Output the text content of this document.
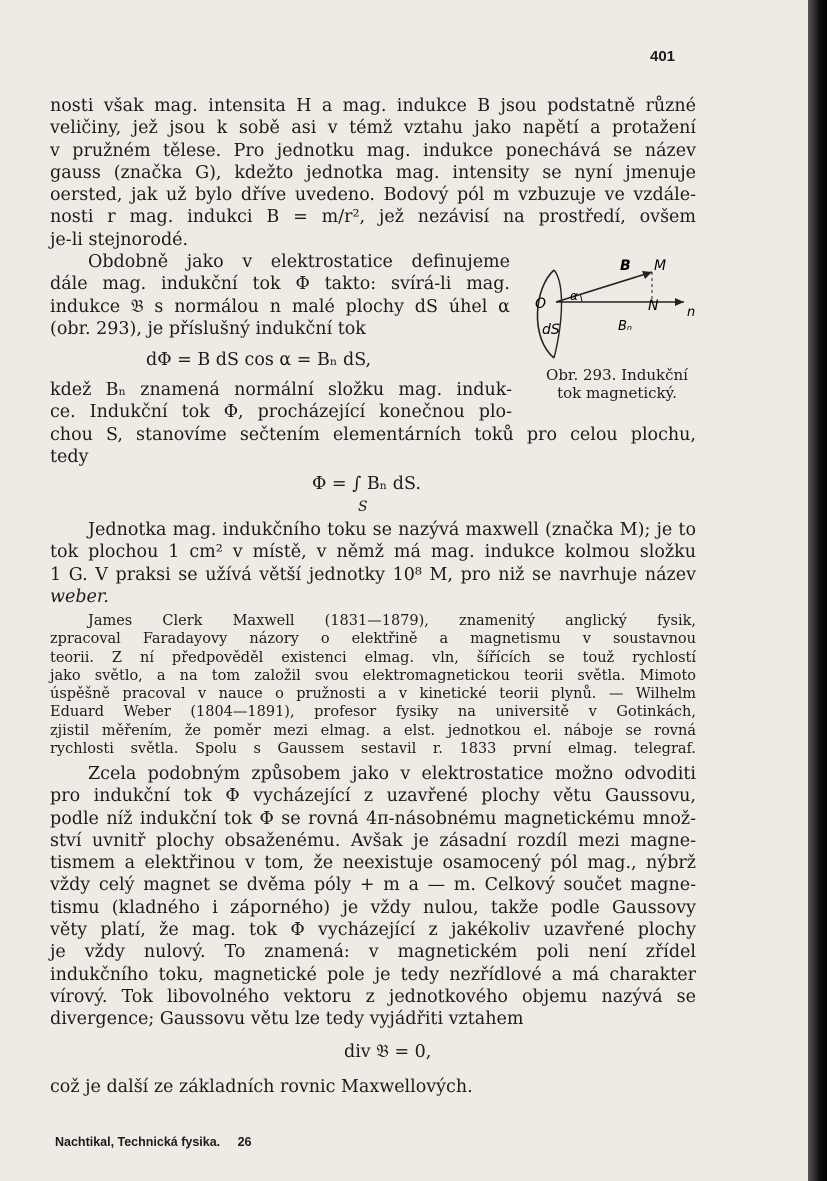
401

nosti však mag. intensita H a mag. indukce B jsou podstatně různé

veličiny, jež jsou k sobě asi v témž vztahu jako napětí a protažení

v pružném tělese. Pro jednotku mag. indukce ponechává se název

gauss (značka G), kdežto jednotka mag. intensity se nyní jmenuje

oersted, jak už bylo dříve uvedeno. Bodový pól m vzbuzuje ve vzdále-

nosti r mag. indukci B = m/r², jež nezávisí na prostředí, ovšem

je-li stejnorodé.

Obdobně jako v elektrostatice definujeme

dále mag. indukční tok Φ takto: svírá-li mag.

indukce 𝔅 s normálou n malé plochy dS úhel α

(obr. 293), je příslušný indukční tok

dΦ = B dS cos α = Bₙ dS,
B M
O α
N n
dS	Bₙ
Obr. 293. Indukční
tok magnetický.

kdež Bₙ znamená normální složku mag. induk-

ce. Indukční tok Φ, procházející konečnou plo-

chou S, stanovíme sečtením elementárních toků pro celou plochu,

tedy

Φ = ∫ Bₙ dS.
S

Jednotka mag. indukčního toku se nazývá maxwell (značka M); je to

tok plochou 1 cm² v místě, v němž má mag. indukce kolmou složku

1 G. V praksi se užívá větší jednotky 10⁸ M, pro niž se navrhuje název

weber.

James Clerk Maxwell (1831—1879), znamenitý anglický fysik,

zpracoval Faradayovy názory o elektřině a magnetismu v soustavnou

teorii. Z ní předpověděl existenci elmag. vln, šířících se touž rychlostí

jako světlo, a na tom založil svou elektromagnetickou teorii světla. Mimoto

úspěšně pracoval v nauce o pružnosti a v kinetické teorii plynů. — Wilhelm

Eduard Weber (1804—1891), profesor fysiky na universitě v Gotinkách,

zjistil měřením, že poměr mezi elmag. a elst. jednotkou el. náboje se rovná

rychlosti světla. Spolu s Gaussem sestavil r. 1833 první elmag. telegraf.

Zcela podobným způsobem jako v elektrostatice možno odvoditi

pro indukční tok Φ vycházející z uzavřené plochy větu Gaussovu,

podle níž indukční tok Φ se rovná 4π-násobnému magnetickému množ-

ství uvnitř plochy obsaženému. Avšak je zásadní rozdíl mezi magne-

tismem a elektřinou v tom, že neexistuje osamocený pól mag., nýbrž

vždy celý magnet se dvěma póly + m a — m. Celkový součet magne-

tismu (kladného i záporného) je vždy nulou, takže podle Gaussovy

věty platí, že mag. tok Φ vycházející z jakékoliv uzavřené plochy

je vždy nulový. To znamená: v magnetickém poli není zřídel

indukčního toku, magnetické pole je tedy nezřídlové a má charakter

vírový. Tok libovolného vektoru z jednotkového objemu nazývá se

divergence; Gaussovu větu lze tedy vyjádřiti vztahem

div 𝔅 = 0,

což je další ze základních rovnic Maxwellových.

Nachtikal, Technická fysika. 26
